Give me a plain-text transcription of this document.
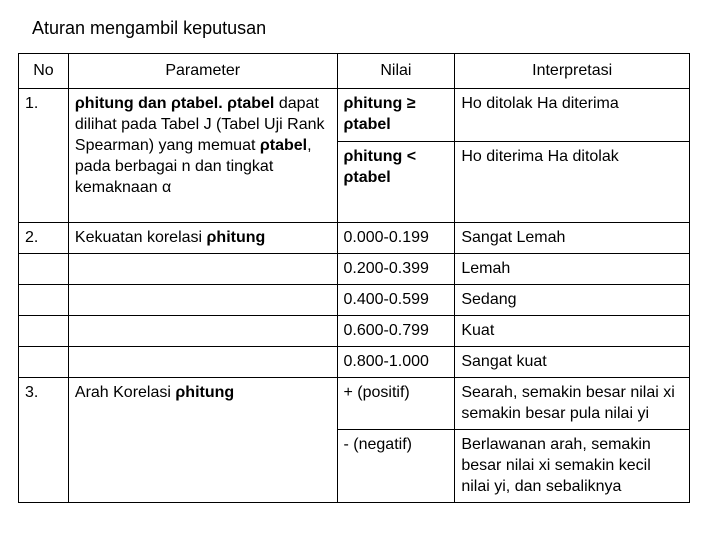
Aturan mengambil keputusan
No	Parameter	Nilai	Interpretasi
1.	ρhitung dan ρtabel. ρtabel dapat dilihat pada Tabel J (Tabel Uji Rank Spearman) yang memuat ρtabel, pada berbagai n dan tingkat kemaknaan α	ρhitung ≥ ρtabel	Ho ditolak Ha diterima
		ρhitung < ρtabel	Ho diterima Ha ditolak
2.	Kekuatan korelasi ρhitung	0.000-0.199	Sangat Lemah
		0.200-0.399	Lemah
		0.400-0.599	Sedang
		0.600-0.799	Kuat
		0.800-1.000	Sangat kuat
3.	Arah Korelasi ρhitung	+ (positif)	Searah, semakin besar nilai xi semakin besar pula nilai yi
		- (negatif)	Berlawanan arah, semakin besar nilai xi semakin kecil nilai yi, dan sebaliknya
